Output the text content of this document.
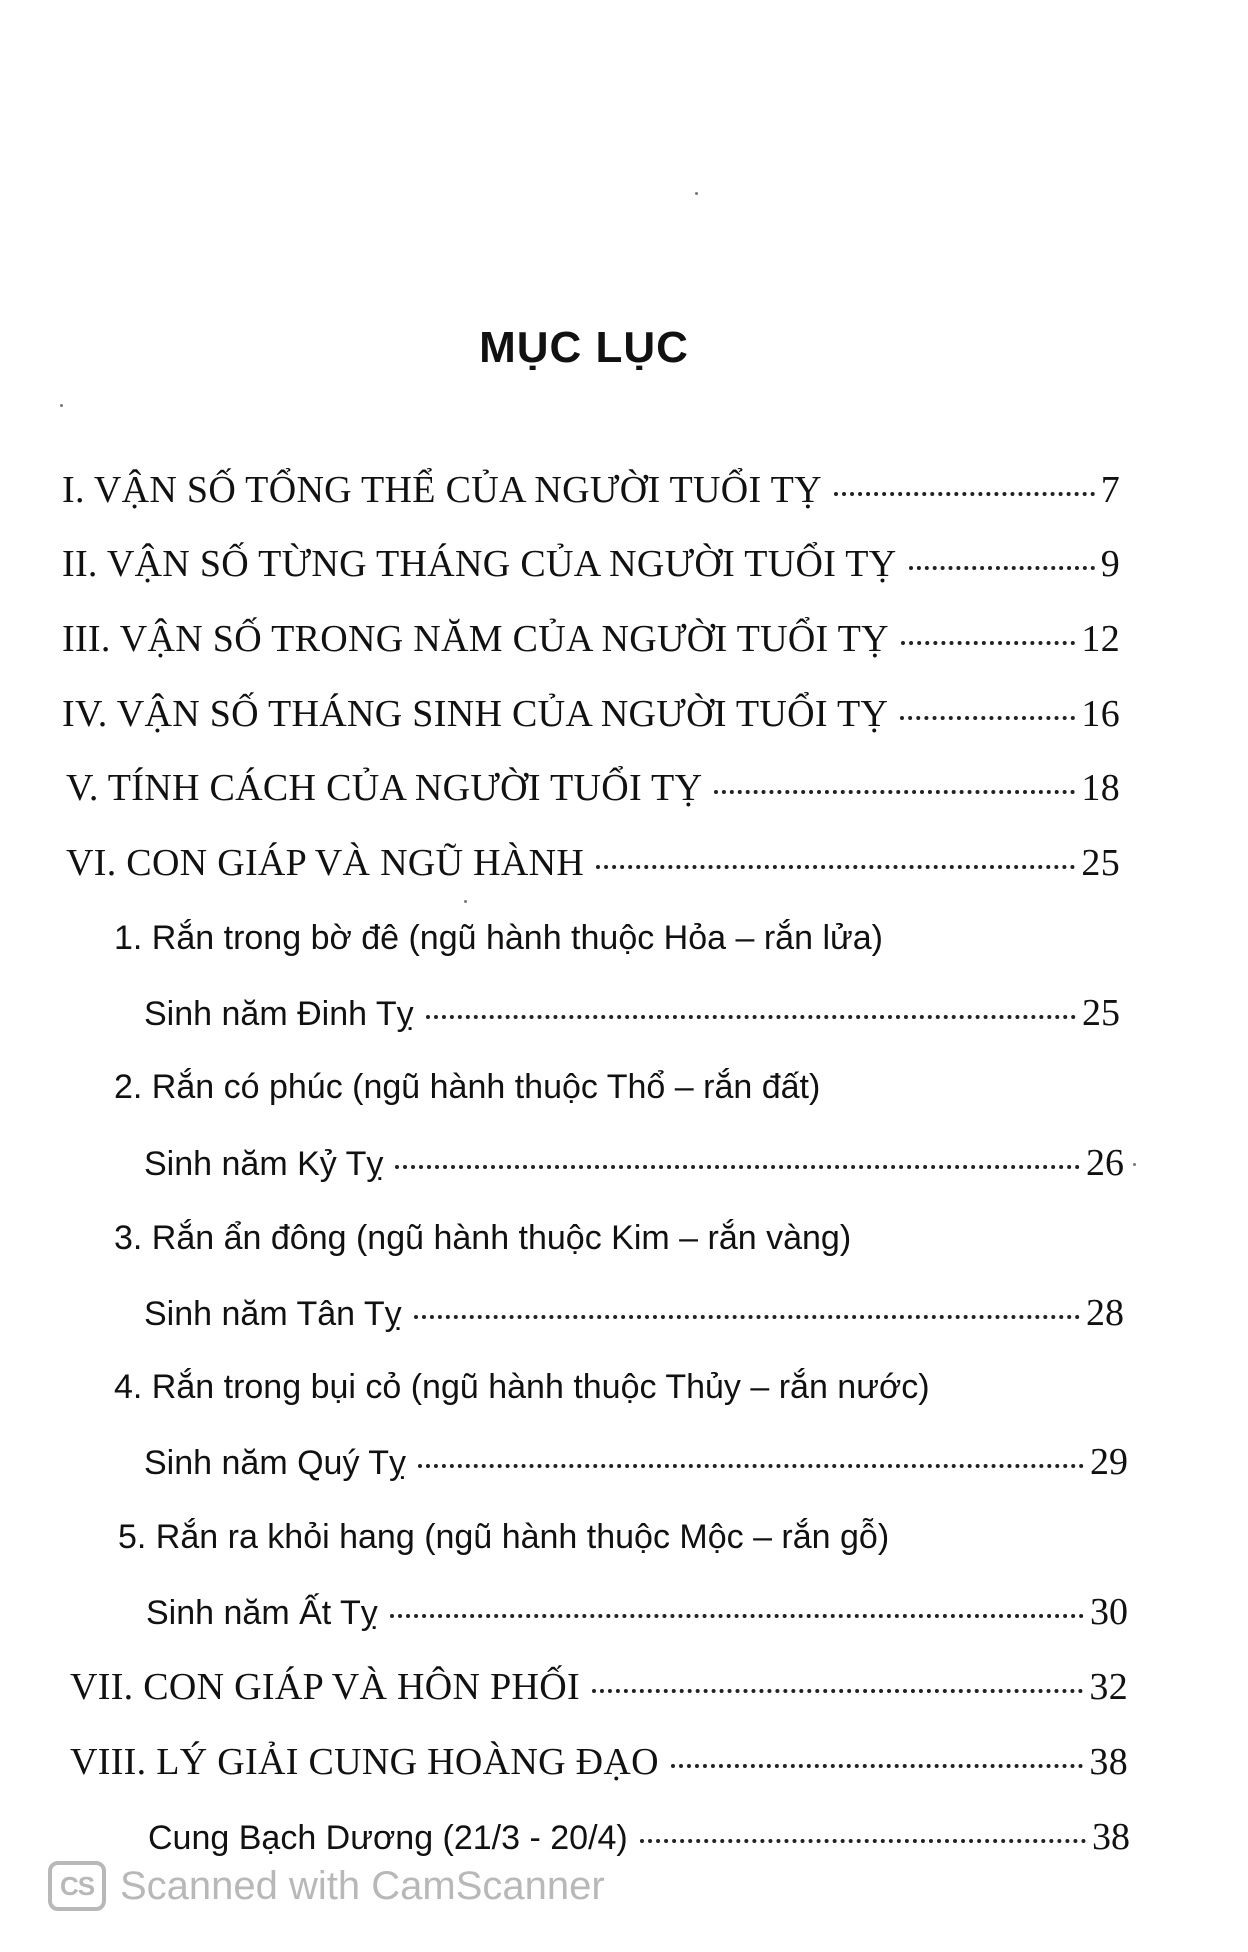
MỤC LỤC
I. VẬN SỐ TỔNG THỂ CỦA NGƯỜI TUỔI TỴ	7
II. VẬN SỐ TỪNG THÁNG CỦA NGƯỜI TUỔI TỴ	9
III. VẬN SỐ TRONG NĂM CỦA NGƯỜI TUỔI TỴ	12
IV. VẬN SỐ THÁNG SINH CỦA NGƯỜI TUỔI TỴ	16
V. TÍNH CÁCH CỦA NGƯỜI TUỔI TỴ	18
VI. CON GIÁP VÀ NGŨ HÀNH	25
1. Rắn trong bờ đê (ngũ hành thuộc Hỏa – rắn lửa)
Sinh năm Đinh Tỵ	25
2. Rắn có phúc (ngũ hành thuộc Thổ – rắn đất)
Sinh năm Kỷ Tỵ	26
3. Rắn ẩn đông (ngũ hành thuộc Kim – rắn vàng)
Sinh năm Tân Tỵ	28
4. Rắn trong bụi cỏ (ngũ hành thuộc Thủy – rắn nước)
Sinh năm Quý Tỵ	29
5. Rắn ra khỏi hang (ngũ hành thuộc Mộc – rắn gỗ)
Sinh năm Ất Tỵ	30
VII. CON GIÁP VÀ HÔN PHỐI	32
VIII. LÝ GIẢI CUNG HOÀNG ĐẠO	38
Cung Bạch Dương (21/3 - 20/4)	38
CS Scanned with CamScanner
